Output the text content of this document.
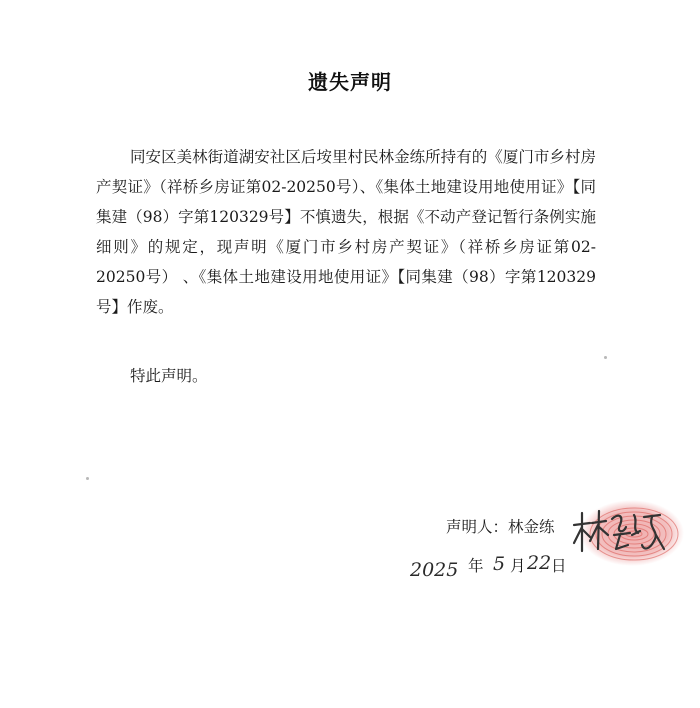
遗失声明

同安区美林街道湖安社区后垵里村民林金练所持有的《厦门市乡村房产契证》（祥桥乡房证第02-20250号）、《集体土地建设用地使用证》【同集建（98）字第120329号】不慎遗失，根据《不动产登记暂行条例实施细则》的规定，现声明《厦门市乡村房产契证》（祥桥乡房证第02-20250号） 、《集体土地建设用地使用证》【同集建（98）字第120329号】作废。

特此声明。
声明人：林金练
2025 年 5 月 22 日
